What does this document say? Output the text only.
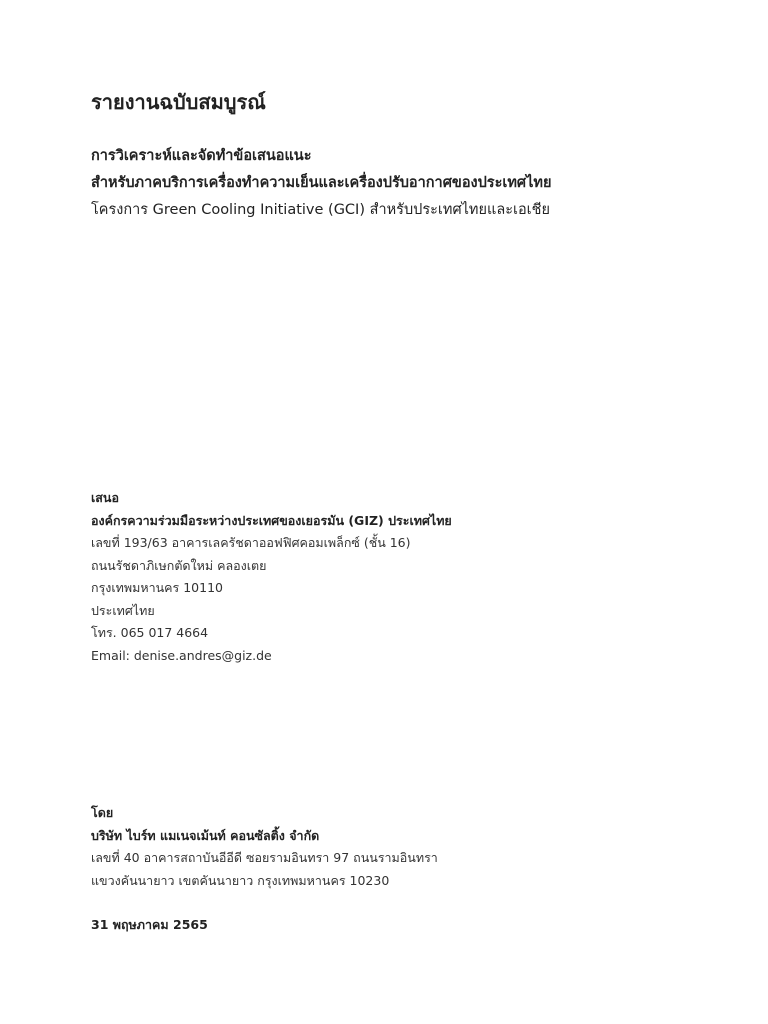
รายงานฉบับสมบูรณ์
การวิเคราะห์และจัดทำข้อเสนอแนะ
สำหรับภาคบริการเครื่องทำความเย็นและเครื่องปรับอากาศของประเทศไทย
โครงการ Green Cooling Initiative (GCI) สำหรับประเทศไทยและเอเชีย
เสนอ
องค์กรความร่วมมือระหว่างประเทศของเยอรมัน (GIZ) ประเทศไทย
เลขที่ 193/63 อาคารเลครัชดาออฟฟิศคอมเพล็กซ์ (ชั้น 16)
ถนนรัชดาภิเษกตัดใหม่ คลองเตย
กรุงเทพมหานคร 10110
ประเทศไทย
โทร. 065 017 4664
Email: denise.andres@giz.de
โดย
บริษัท ไบร์ท แมเนจเม้นท์ คอนซัลติ้ง จำกัด
เลขที่ 40 อาคารสถาบันอีอีดี ซอยรามอินทรา 97 ถนนรามอินทรา
แขวงคันนายาว เขตคันนายาว กรุงเทพมหานคร 10230
31 พฤษภาคม 2565
